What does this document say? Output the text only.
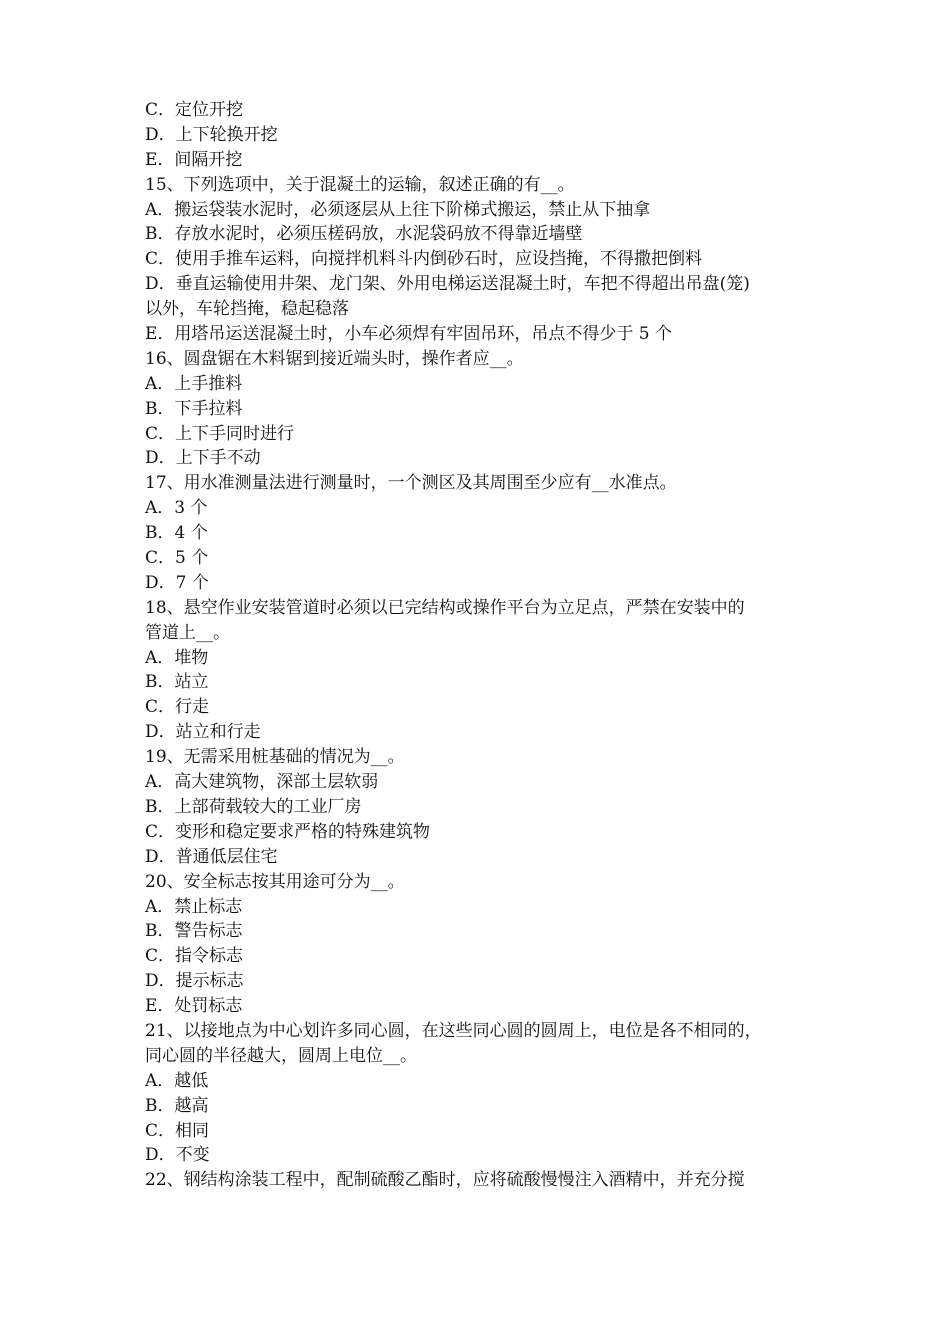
C．定位开挖
D．上下轮换开挖
E．间隔开挖
15、下列选项中，关于混凝土的运输，叙述正确的有__。
A．搬运袋装水泥时，必须逐层从上往下阶梯式搬运，禁止从下抽拿
B．存放水泥时，必须压槎码放，水泥袋码放不得靠近墙壁
C．使用手推车运料，向搅拌机料斗内倒砂石时，应设挡掩，不得撒把倒料
D．垂直运输使用井架、龙门架、外用电梯运送混凝土时，车把不得超出吊盘(笼)
以外，车轮挡掩，稳起稳落
E．用塔吊运送混凝土时，小车必须焊有牢固吊环，吊点不得少于 5 个
16、圆盘锯在木料锯到接近端头时，操作者应__。
A．上手推料
B．下手拉料
C．上下手同时进行
D．上下手不动
17、用水准测量法进行测量时，一个测区及其周围至少应有__水准点。
A．3 个
B．4 个
C．5 个
D．7 个
18、悬空作业安装管道时必须以已完结构或操作平台为立足点，严禁在安装中的
管道上__。
A．堆物
B．站立
C．行走
D．站立和行走
19、无需采用桩基础的情况为__。
A．高大建筑物，深部土层软弱
B．上部荷载较大的工业厂房
C．变形和稳定要求严格的特殊建筑物
D．普通低层住宅
20、安全标志按其用途可分为__。
A．禁止标志
B．警告标志
C．指令标志
D．提示标志
E．处罚标志
21、以接地点为中心划许多同心圆，在这些同心圆的圆周上，电位是各不相同的，
同心圆的半径越大，圆周上电位__。
A．越低
B．越高
C．相同
D．不变
22、钢结构涂装工程中，配制硫酸乙酯时，应将硫酸慢慢注入酒精中，并充分搅
